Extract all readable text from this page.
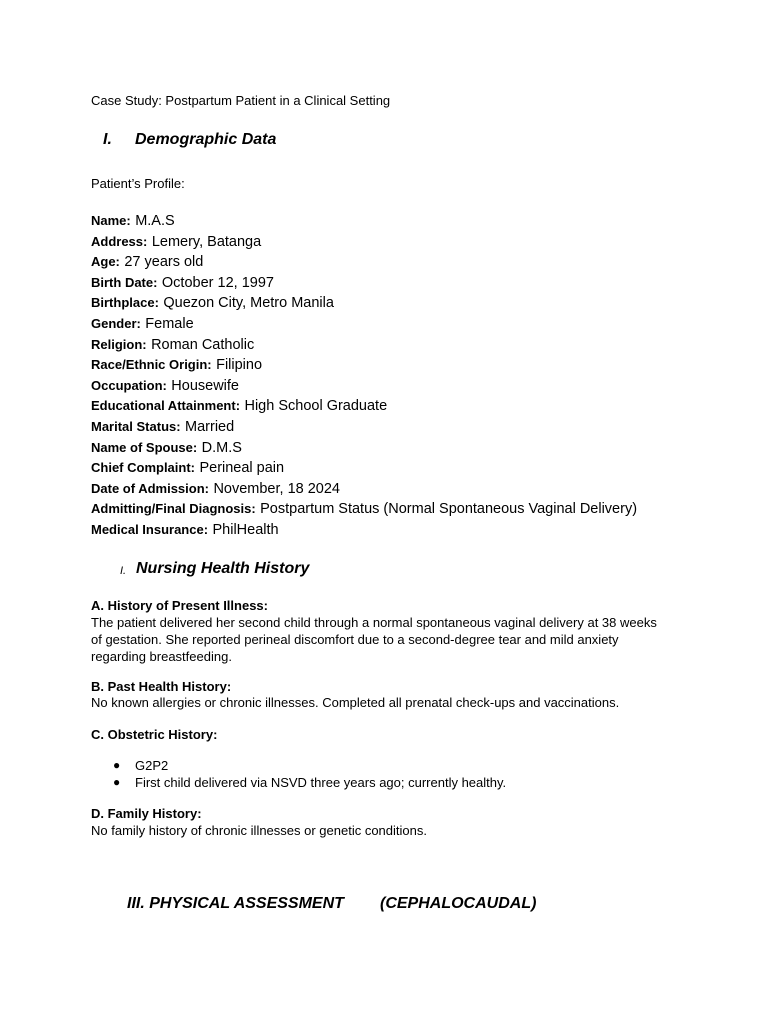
Case Study: Postpartum Patient in a Clinical Setting
I. Demographic Data
Patient’s Profile:
Name: M.A.S
Address: Lemery, Batanga
Age: 27 years old
Birth Date: October 12, 1997
Birthplace: Quezon City, Metro Manila
Gender: Female
Religion: Roman Catholic
Race/Ethnic Origin: Filipino
Occupation: Housewife
Educational Attainment: High School Graduate
Marital Status: Married
Name of Spouse: D.M.S
Chief Complaint: Perineal pain
Date of Admission: November, 18 2024
Admitting/Final Diagnosis: Postpartum Status (Normal Spontaneous Vaginal Delivery)
Medical Insurance: PhilHealth
I. Nursing Health History
A. History of Present Illness:
The patient delivered her second child through a normal spontaneous vaginal delivery at 38 weeks of gestation. She reported perineal discomfort due to a second-degree tear and mild anxiety regarding breastfeeding.
B. Past Health History:
No known allergies or chronic illnesses. Completed all prenatal check-ups and vaccinations.
C. Obstetric History:
● G2P2
● First child delivered via NSVD three years ago; currently healthy.
D. Family History:
No family history of chronic illnesses or genetic conditions.
III. PHYSICAL ASSESSMENT (CEPHALOCAUDAL)
